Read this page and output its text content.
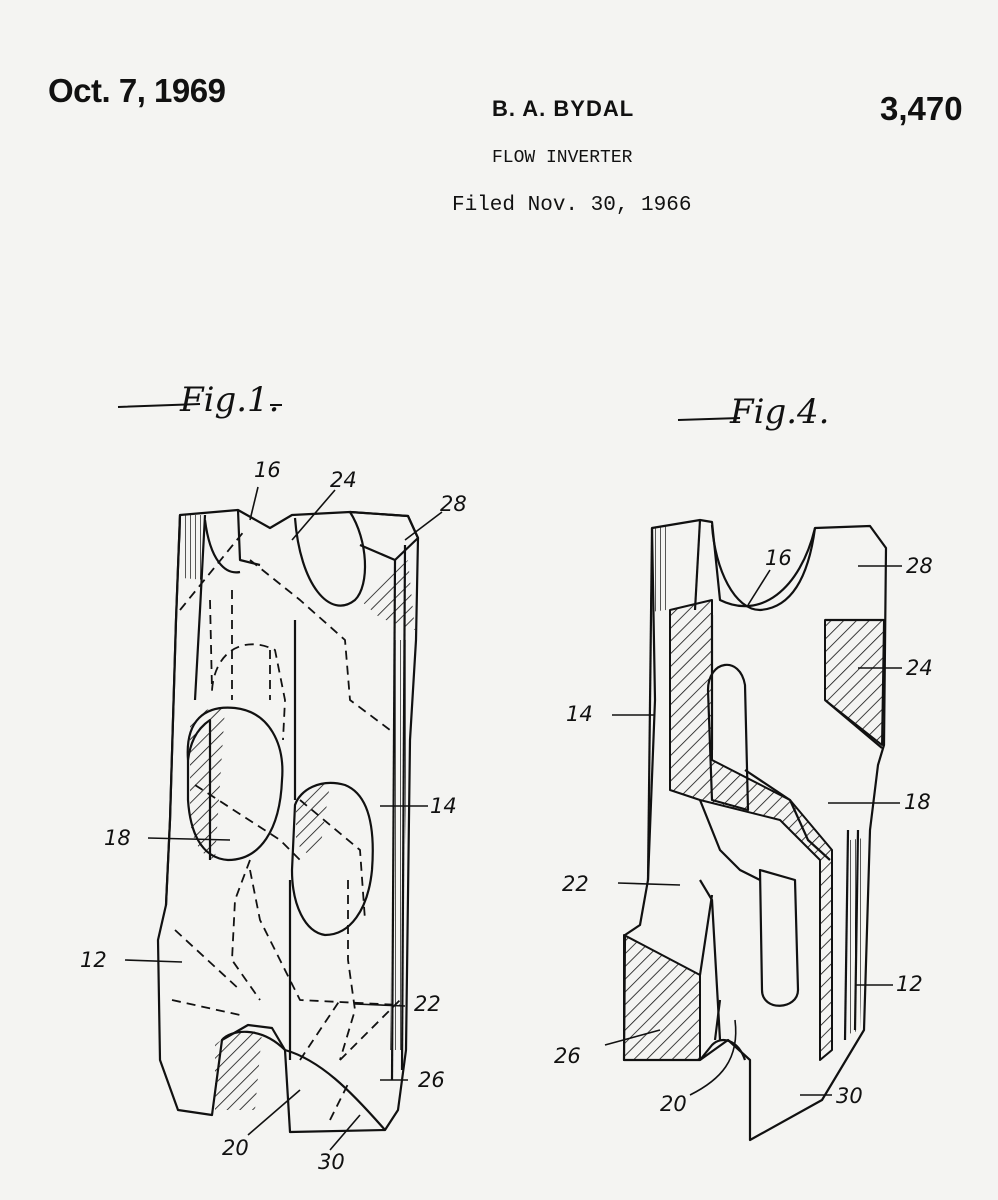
Oct. 7, 1969	B. A. BYDAL	3,470
FLOW INVERTER
Filed Nov. 30, 1966
Fig.1.	Fig.4.
16 24
28
18
14
12
22
26
20
30
16	28
24
14
18
22
12
26
20	30
